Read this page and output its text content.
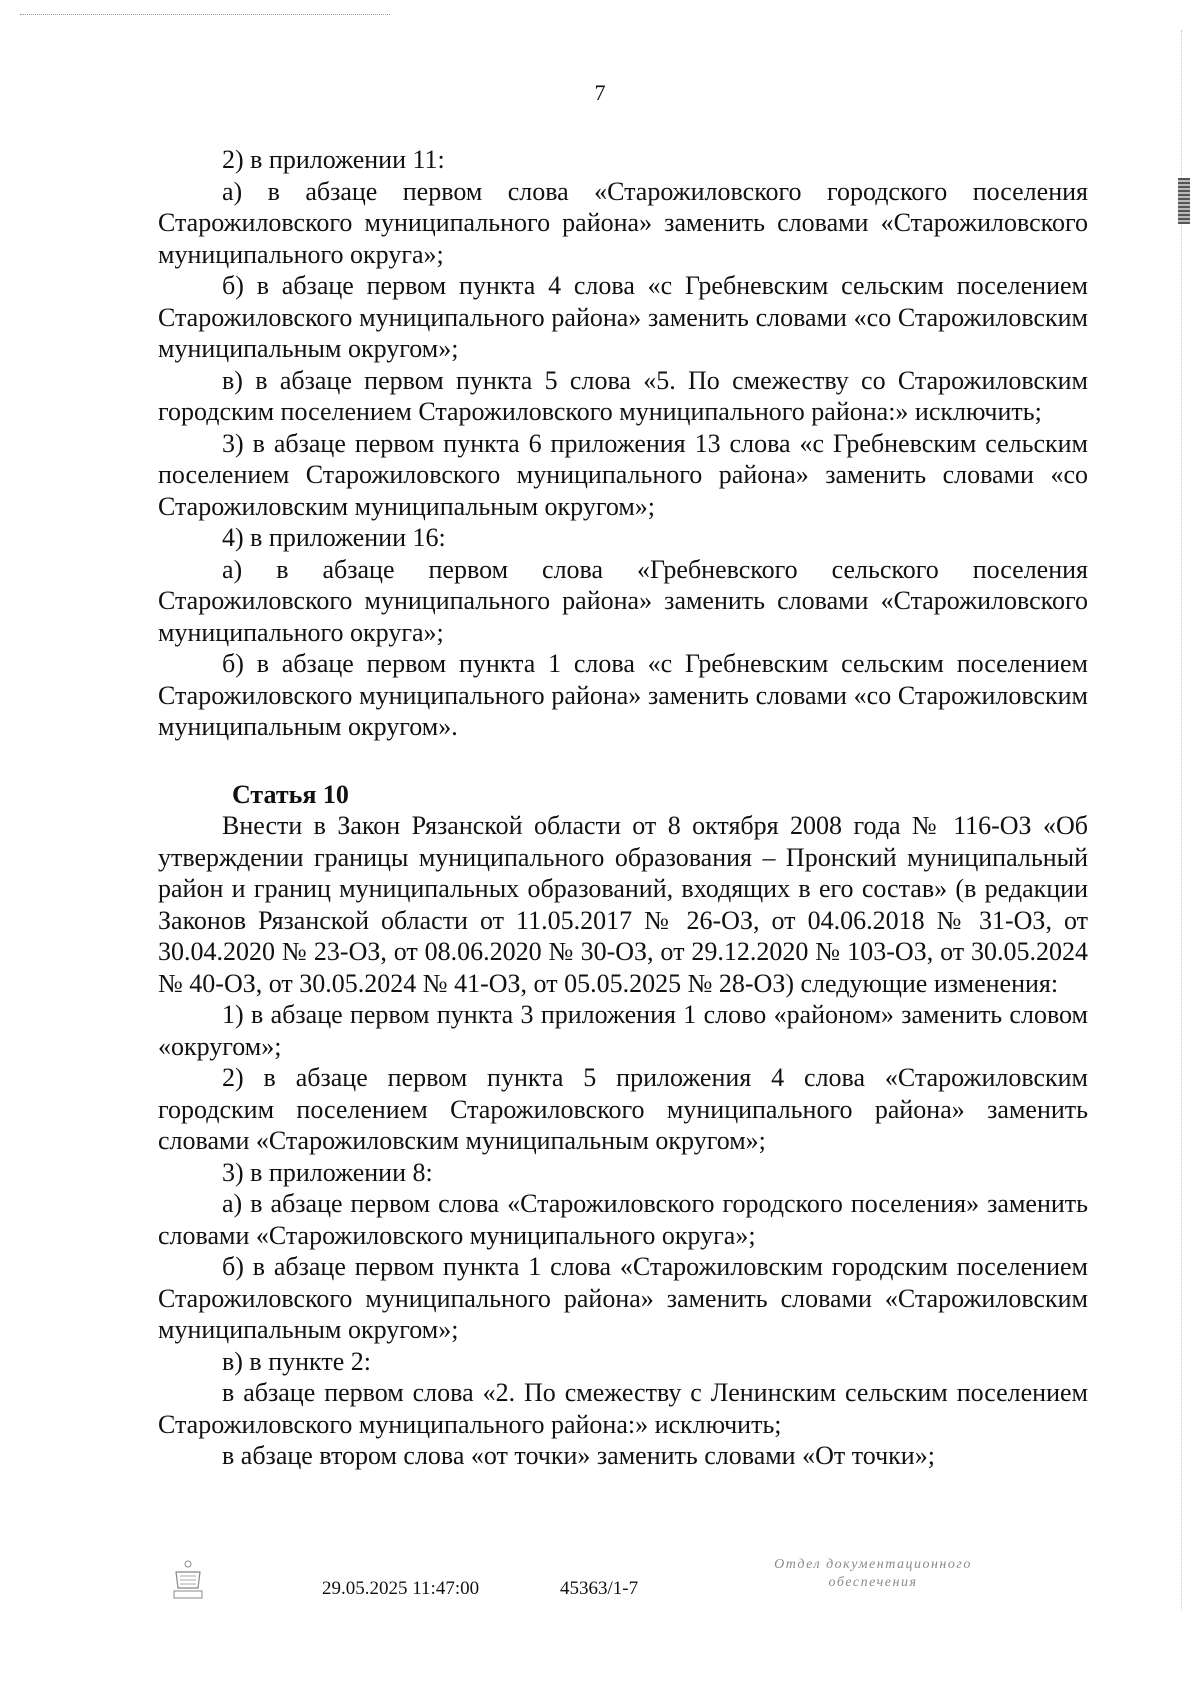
7

2) в приложении 11:

а) в абзаце первом слова «Старожиловского городского поселения Старожиловского муниципального района» заменить словами «Старожиловского муниципального округа»;

б) в абзаце первом пункта 4 слова «с Гребневским сельским поселением Старожиловского муниципального района» заменить словами «со Старожиловским муниципальным округом»;

в) в абзаце первом пункта 5 слова «5. По смежеству со Старожиловским городским поселением Старожиловского муниципального района:» исключить;

3) в абзаце первом пункта 6 приложения 13 слова «с Гребневским сельским поселением Старожиловского муниципального района» заменить словами «со Старожиловским муниципальным округом»;

4) в приложении 16:

а) в абзаце первом слова «Гребневского сельского поселения Старожиловского муниципального района» заменить словами «Старожиловского муниципального округа»;

б) в абзаце первом пункта 1 слова «с Гребневским сельским поселением Старожиловского муниципального района» заменить словами «со Старожиловским муниципальным округом».

Статья 10

Внести в Закон Рязанской области от 8 октября 2008 года № 116-ОЗ «Об утверждении границы муниципального образования – Пронский муниципальный район и границ муниципальных образований, входящих в его состав» (в редакции Законов Рязанской области от 11.05.2017 № 26-ОЗ, от 04.06.2018 № 31-ОЗ, от 30.04.2020 № 23-ОЗ, от 08.06.2020 № 30-ОЗ, от 29.12.2020 № 103-ОЗ, от 30.05.2024 № 40-ОЗ, от 30.05.2024 № 41-ОЗ, от 05.05.2025 № 28-ОЗ) следующие изменения:

1) в абзаце первом пункта 3 приложения 1 слово «районом» заменить словом «округом»;

2) в абзаце первом пункта 5 приложения 4 слова «Старожиловским городским поселением Старожиловского муниципального района» заменить словами «Старожиловским муниципальным округом»;

3) в приложении 8:

а) в абзаце первом слова «Старожиловского городского поселения» заменить словами «Старожиловского муниципального округа»;

б) в абзаце первом пункта 1 слова «Старожиловским городским поселением Старожиловского муниципального района» заменить словами «Старожиловским муниципальным округом»;

в) в пункте 2:

в абзаце первом слова «2. По смежеству с Ленинским сельским поселением Старожиловского муниципального района:» исключить;

в абзаце втором слова «от точки» заменить словами «От точки»;

29.05.2025 11:47:00	45363/1-7
Отдел документационного обеспечения
